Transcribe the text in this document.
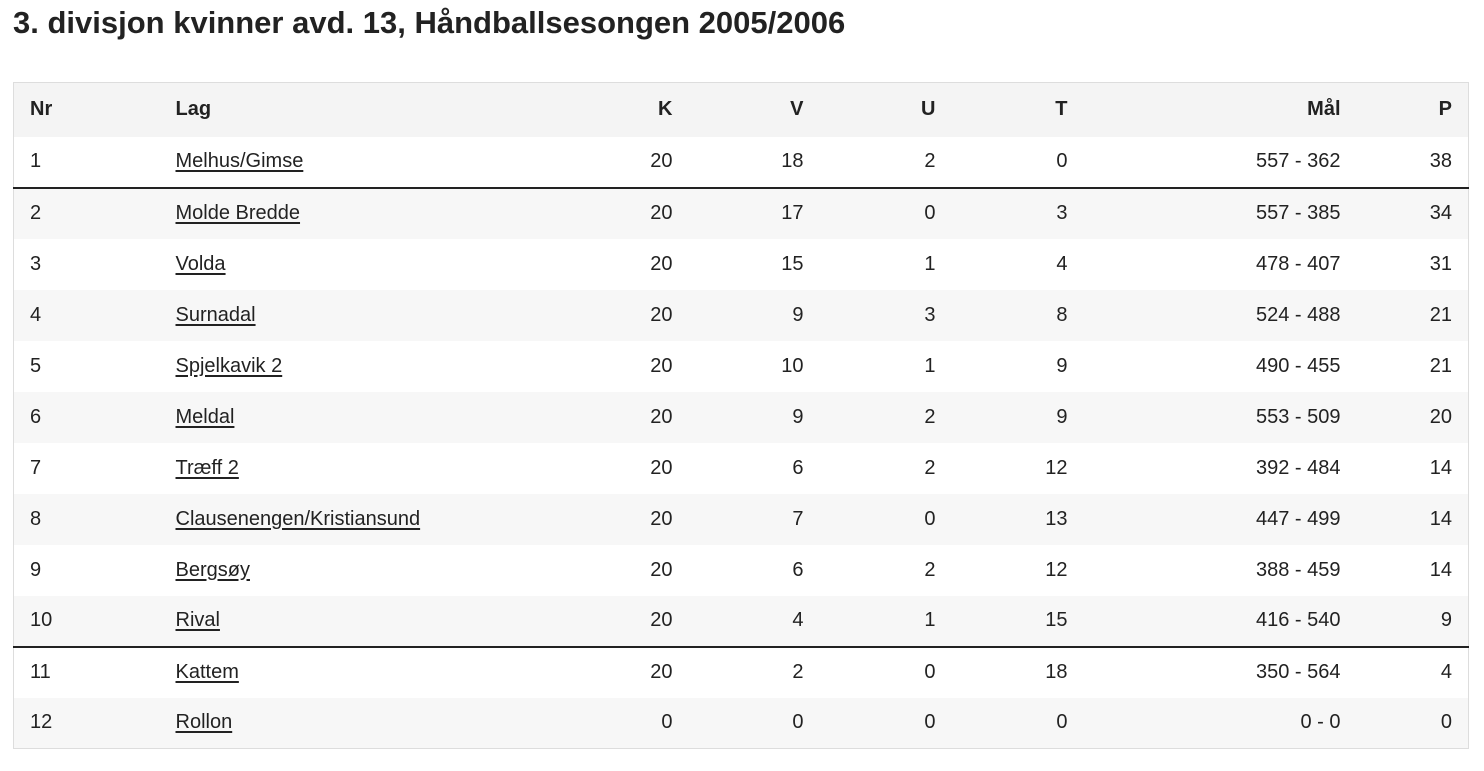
3. divisjon kvinner avd. 13, Håndballsesongen 2005/2006
Nr	Lag	K	V	U	T	Mål	P
1	Melhus/Gimse	20	18	2	0	557 - 362	38
2	Molde Bredde	20	17	0	3	557 - 385	34
3	Volda	20	15	1	4	478 - 407	31
4	Surnadal	20	9	3	8	524 - 488	21
5	Spjelkavik 2	20	10	1	9	490 - 455	21
6	Meldal	20	9	2	9	553 - 509	20
7	Træff 2	20	6	2	12	392 - 484	14
8	Clausenengen/Kristiansund	20	7	0	13	447 - 499	14
9	Bergsøy	20	6	2	12	388 - 459	14
10	Rival	20	4	1	15	416 - 540	9
11	Kattem	20	2	0	18	350 - 564	4
12	Rollon	0	0	0	0	0 - 0	0
